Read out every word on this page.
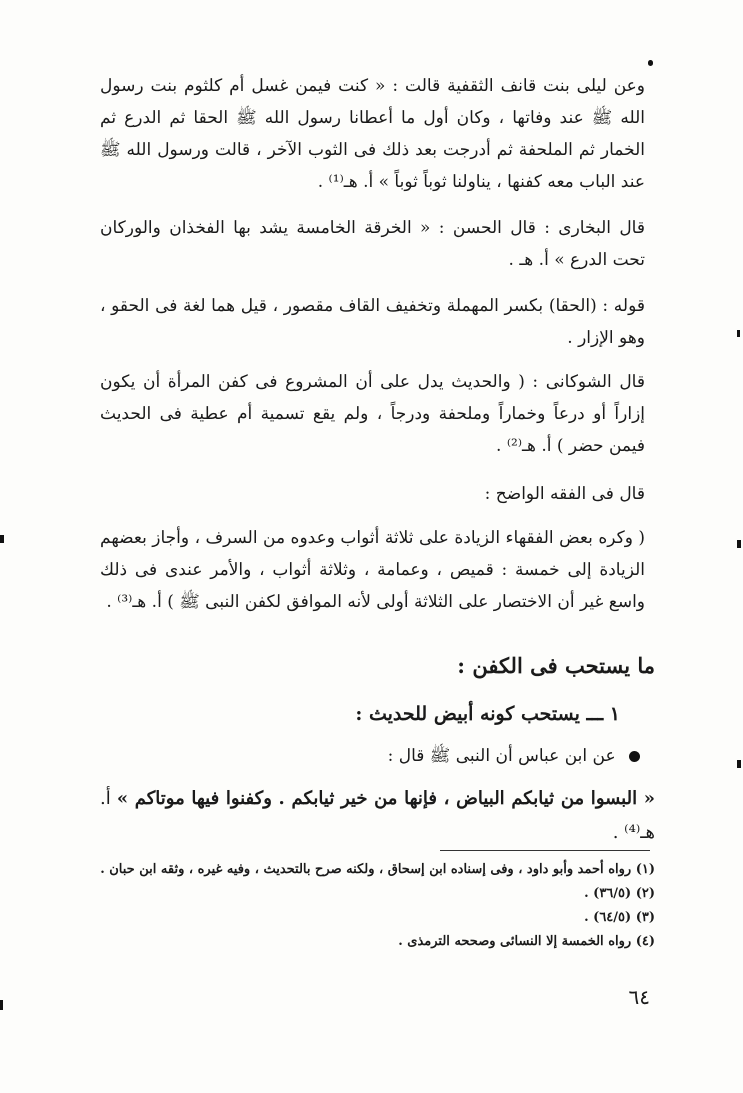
وعن ليلى بنت قانف الثقفية قالت : « كنت فيمن غسل أم كلثوم بنت رسول الله ﷺ عند وفاتها ، وكان أول ما أعطانا رسول الله ﷺ الحقا ثم الدرع ثم الخمار ثم الملحفة ثم أدرجت بعد ذلك فى الثوب الآخر ، قالت ورسول الله ﷺ عند الباب معه كفنها ، يناولنا ثوباً ثوباً » أ. هـ⁽¹⁾ .

قال البخارى : قال الحسن : « الخرقة الخامسة يشد بها الفخذان والوركان تحت الدرع » أ. هـ .

قوله : (الحقا) بكسر المهملة وتخفيف القاف مقصور ، قيل هما لغة فى الحقو ، وهو الإزار .

قال الشوكانى : ( والحديث يدل على أن المشروع فى كفن المرأة أن يكون إزاراً أو درعاً وخماراً وملحفة ودرجاً ، ولم يقع تسمية أم عطية فى الحديث فيمن حضر ) أ. هـ⁽²⁾ .

قال فى الفقه الواضح :

( وكره بعض الفقهاء الزيادة على ثلاثة أثواب وعدوه من السرف ، وأجاز بعضهم الزيادة إلى خمسة : قميص ، وعمامة ، وثلاثة أثواب ، والأمر عندى فى ذلك واسع غير أن الاختصار على الثلاثة أولى لأنه الموافق لكفن النبى ﷺ ) أ. هـ⁽³⁾ .

ما يستحب فى الكفن :
١ ـــ يستحب كونه أبيض للحديث :
عن ابن عباس أن النبى ﷺ قال :
« البسوا من ثيابكم البياض ، فإنها من خير ثيابكم . وكفنوا فيها موتاكم » أ. هـ⁽⁴⁾ .
(١) رواه أحمد وأبو داود ، وفى إسناده ابن إسحاق ، ولكنه صرح بالتحديث ، وفيه غيره ، وثقه ابن حبان .
(٢) (٣٦/٥) .
(٣) (٦٤/٥) .
(٤) رواه الخمسة إلا النسائى وصححه الترمذى .
٦٤
